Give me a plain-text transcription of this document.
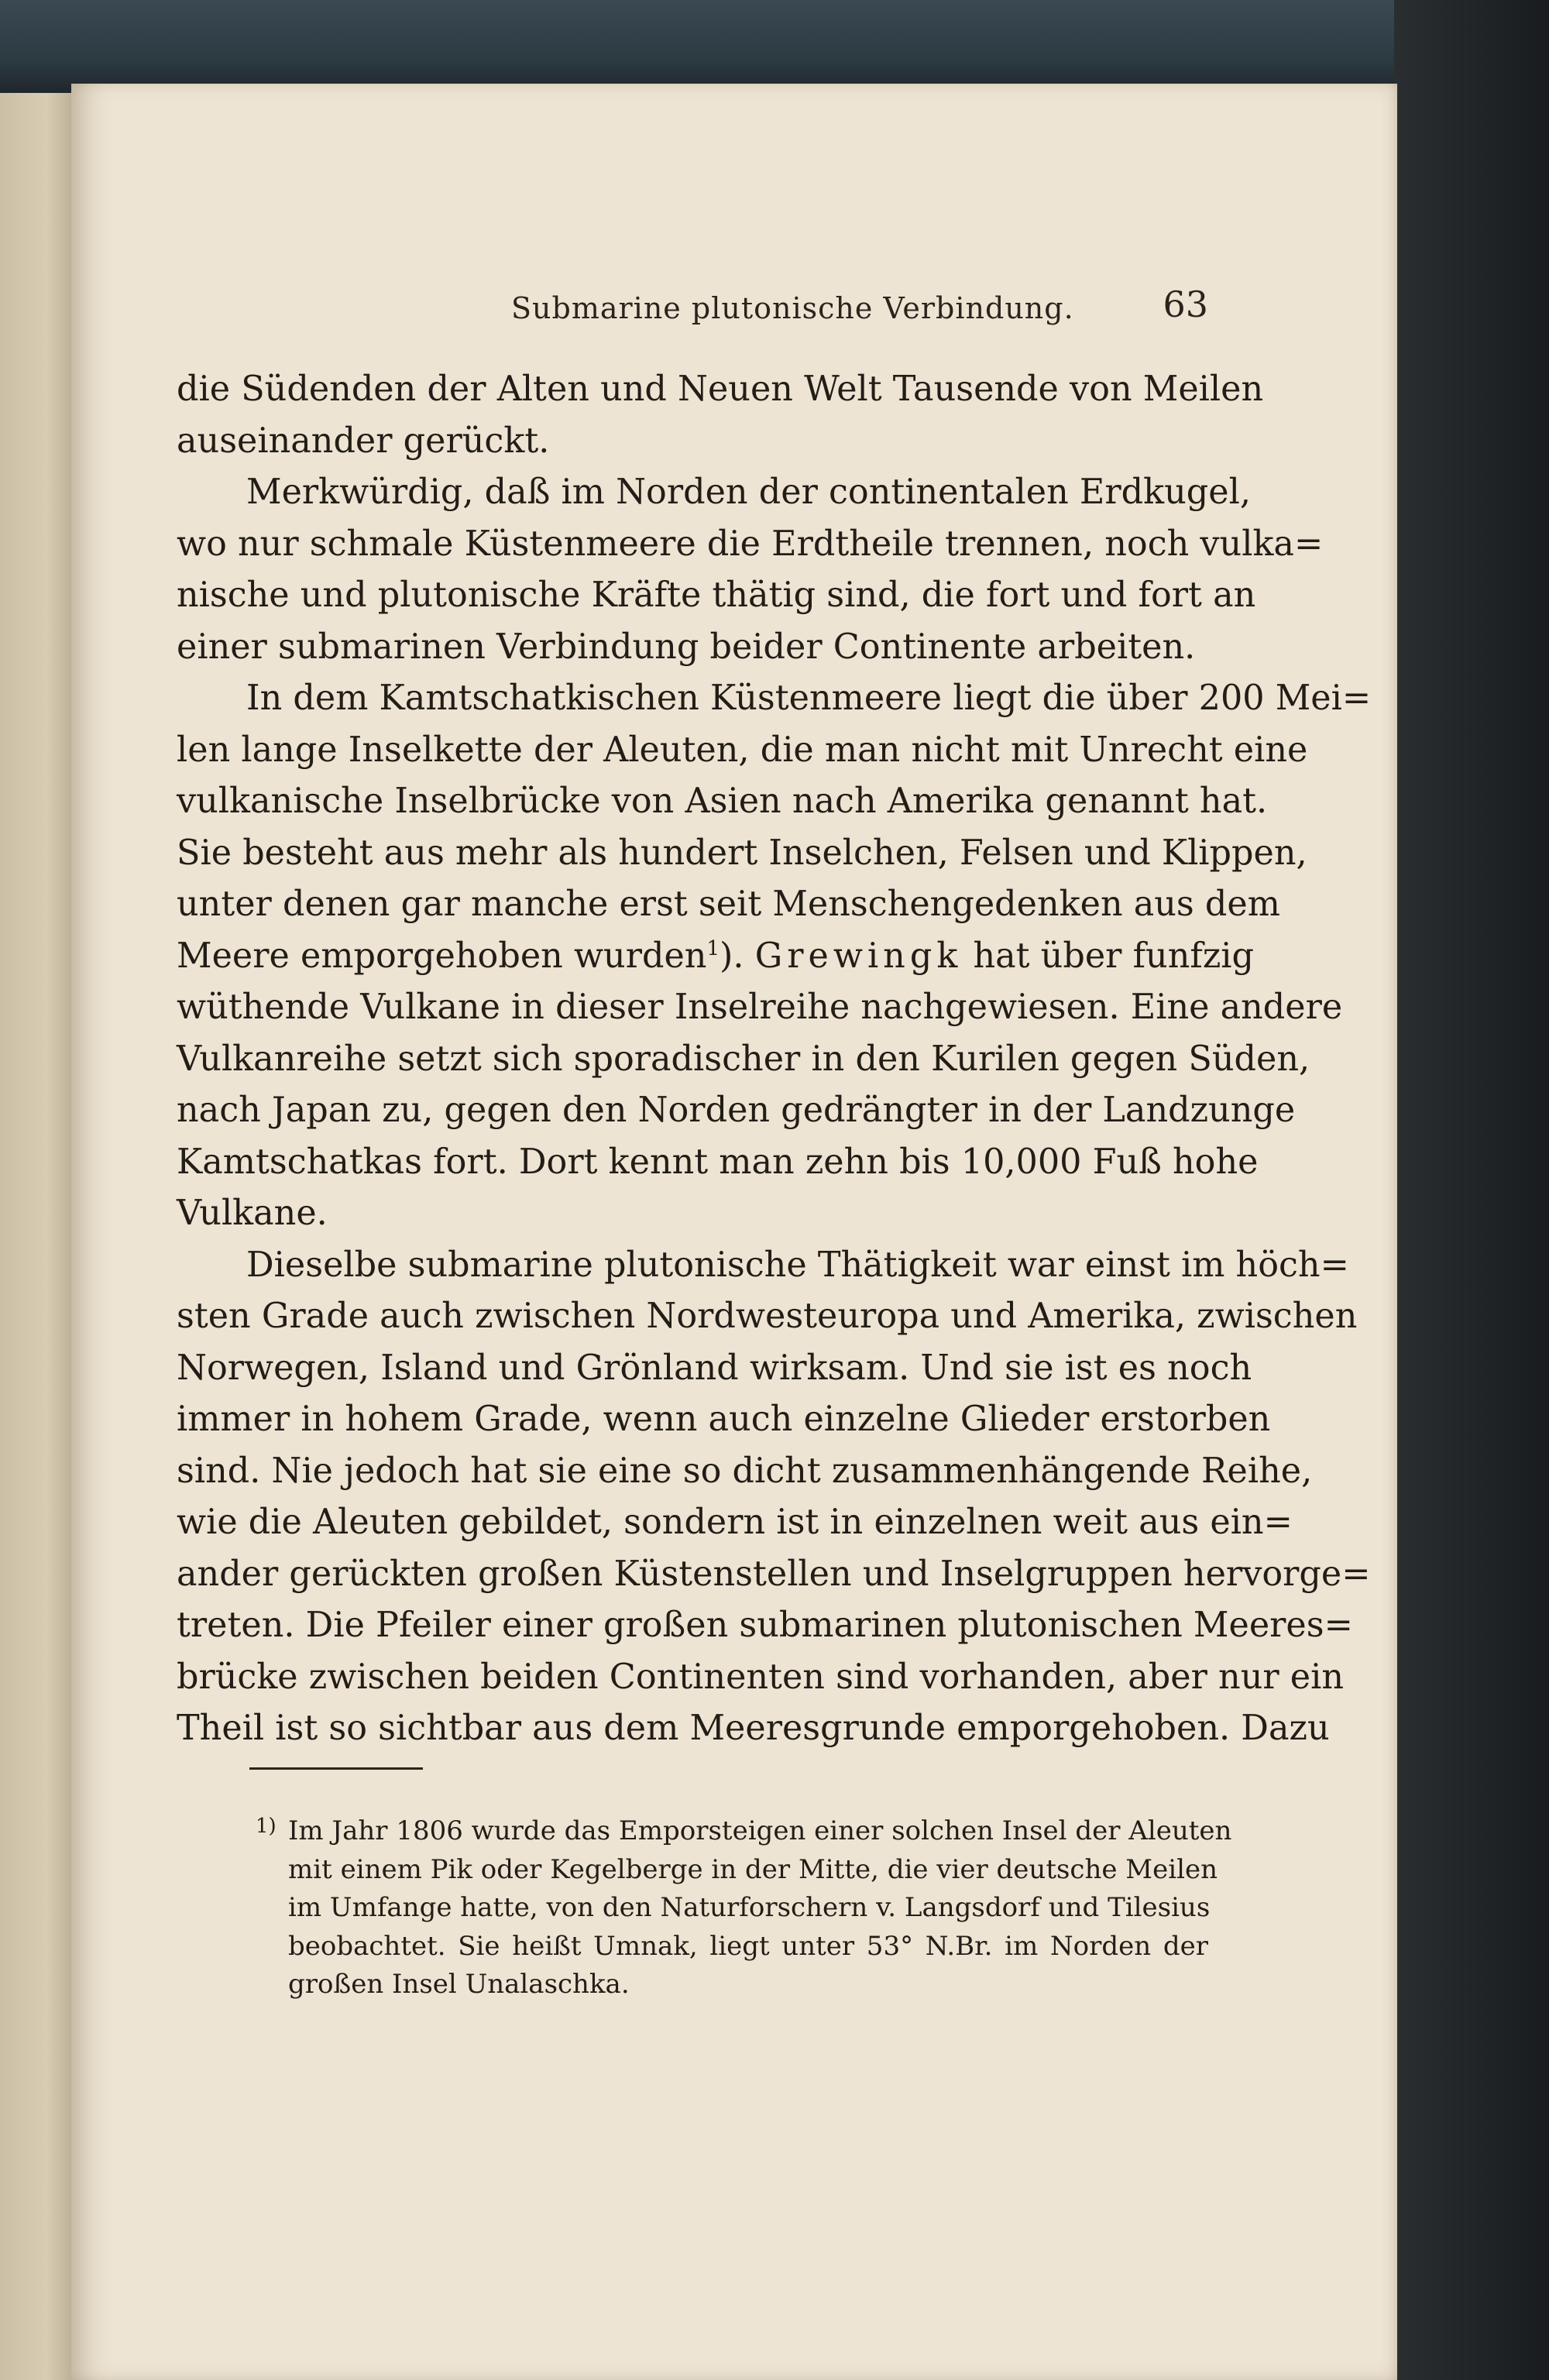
Submarine plutonische Verbindung. 63
die Südenden der Alten und Neuen Welt Tausende von Meilen
auseinander gerückt.
Merkwürdig, daß im Norden der continentalen Erdkugel,
wo nur schmale Küstenmeere die Erdtheile trennen, noch vulka=
nische und plutonische Kräfte thätig sind, die fort und fort an
einer submarinen Verbindung beider Continente arbeiten.
In dem Kamtschatkischen Küstenmeere liegt die über 200 Mei=
len lange Inselkette der Aleuten, die man nicht mit Unrecht eine
vulkanische Inselbrücke von Asien nach Amerika genannt hat.
Sie besteht aus mehr als hundert Inselchen, Felsen und Klippen,
unter denen gar manche erst seit Menschengedenken aus dem
Meere emporgehoben wurden$^1$). Grewingk hat über funfzig
wüthende Vulkane in dieser Inselreihe nachgewiesen. Eine andere
Vulkanreihe setzt sich sporadischer in den Kurilen gegen Süden,
nach Japan zu, gegen den Norden gedrängter in der Landzunge
Kamtschatkas fort. Dort kennt man zehn bis 10,000 Fuß hohe
Vulkane.
Dieselbe submarine plutonische Thätigkeit war einst im höch=
sten Grade auch zwischen Nordwesteuropa und Amerika, zwischen
Norwegen, Island und Grönland wirksam. Und sie ist es noch
immer in hohem Grade, wenn auch einzelne Glieder erstorben
sind. Nie jedoch hat sie eine so dicht zusammenhängende Reihe,
wie die Aleuten gebildet, sondern ist in einzelnen weit aus ein=
ander gerückten großen Küstenstellen und Inselgruppen hervorge=
treten. Die Pfeiler einer großen submarinen plutonischen Meeres=
brücke zwischen beiden Continenten sind vorhanden, aber nur ein
Theil ist so sichtbar aus dem Meeresgrunde emporgehoben. Dazu
1) Im Jahr 1806 wurde das Emporsteigen einer solchen Insel der Aleuten
mit einem Pik oder Kegelberge in der Mitte, die vier deutsche Meilen
im Umfange hatte, von den Naturforschern v. Langsdorf und Tilesius
beobachtet. Sie heißt Umnak, liegt unter 53° N.Br. im Norden der
großen Insel Unalaschka.
